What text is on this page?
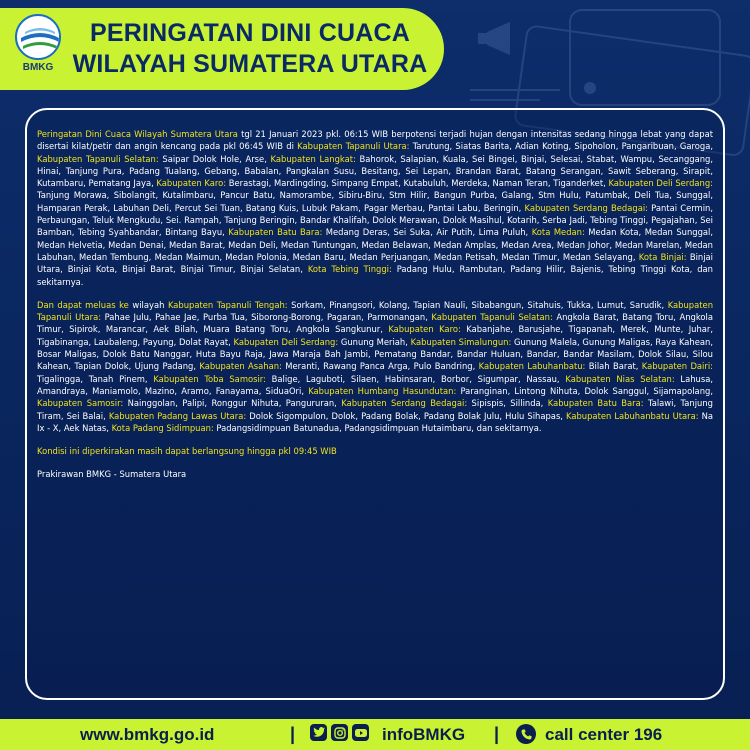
BMKG
PERINGATAN DINI CUACA
WILAYAH SUMATERA UTARA

Peringatan Dini Cuaca Wilayah Sumatera Utara tgl 21 Januari 2023 pkl. 06:15 WIB berpotensi terjadi hujan dengan intensitas sedang hingga lebat yang dapat disertai kilat/petir dan angin kencang pada pkl 06:45 WIB di Kabupaten Tapanuli Utara: Tarutung, Siatas Barita, Adian Koting, Sipoholon, Pangaribuan, Garoga, Kabupaten Tapanuli Selatan: Saipar Dolok Hole, Arse, Kabupaten Langkat: Bahorok, Salapian, Kuala, Sei Bingei, Binjai, Selesai, Stabat, Wampu, Secanggang, Hinai, Tanjung Pura, Padang Tualang, Gebang, Babalan, Pangkalan Susu, Besitang, Sei Lepan, Brandan Barat, Batang Serangan, Sawit Seberang, Sirapit, Kutambaru, Pematang Jaya, Kabupaten Karo: Berastagi, Mardingding, Simpang Empat, Kutabuluh, Merdeka, Naman Teran, Tiganderket, Kabupaten Deli Serdang: Tanjung Morawa, Sibolangit, Kutalimbaru, Pancur Batu, Namorambe, Sibiru-Biru, Stm Hilir, Bangun Purba, Galang, Stm Hulu, Patumbak, Deli Tua, Sunggal, Hamparan Perak, Labuhan Deli, Percut Sei Tuan, Batang Kuis, Lubuk Pakam, Pagar Merbau, Pantai Labu, Beringin, Kabupaten Serdang Bedagai: Pantai Cermin, Perbaungan, Teluk Mengkudu, Sei. Rampah, Tanjung Beringin, Bandar Khalifah, Dolok Merawan, Dolok Masihul, Kotarih, Serba Jadi, Tebing Tinggi, Pegajahan, Sei Bamban, Tebing Syahbandar, Bintang Bayu, Kabupaten Batu Bara: Medang Deras, Sei Suka, Air Putih, Lima Puluh, Kota Medan: Medan Kota, Medan Sunggal, Medan Helvetia, Medan Denai, Medan Barat, Medan Deli, Medan Tuntungan, Medan Belawan, Medan Amplas, Medan Area, Medan Johor, Medan Marelan, Medan Labuhan, Medan Tembung, Medan Maimun, Medan Polonia, Medan Baru, Medan Perjuangan, Medan Petisah, Medan Timur, Medan Selayang, Kota Binjai: Binjai Utara, Binjai Kota, Binjai Barat, Binjai Timur, Binjai Selatan, Kota Tebing Tinggi: Padang Hulu, Rambutan, Padang Hilir, Bajenis, Tebing Tinggi Kota, dan sekitarnya.

Dan dapat meluas ke wilayah Kabupaten Tapanuli Tengah: Sorkam, Pinangsori, Kolang, Tapian Nauli, Sibabangun, Sitahuis, Tukka, Lumut, Sarudik, Kabupaten Tapanuli Utara: Pahae Julu, Pahae Jae, Purba Tua, Siborong-Borong, Pagaran, Parmonangan, Kabupaten Tapanuli Selatan: Angkola Barat, Batang Toru, Angkola Timur, Sipirok, Marancar, Aek Bilah, Muara Batang Toru, Angkola Sangkunur, Kabupaten Karo: Kabanjahe, Barusjahe, Tigapanah, Merek, Munte, Juhar, Tigabinanga, Laubaleng, Payung, Dolat Rayat, Kabupaten Deli Serdang: Gunung Meriah, Kabupaten Simalungun: Gunung Malela, Gunung Maligas, Raya Kahean, Bosar Maligas, Dolok Batu Nanggar, Huta Bayu Raja, Jawa Maraja Bah Jambi, Pematang Bandar, Bandar Huluan, Bandar, Bandar Masilam, Dolok Silau, Silou Kahean, Tapian Dolok, Ujung Padang, Kabupaten Asahan: Meranti, Rawang Panca Arga, Pulo Bandring, Kabupaten Labuhanbatu: Bilah Barat, Kabupaten Dairi: Tigalingga, Tanah Pinem, Kabupaten Toba Samosir: Balige, Laguboti, Silaen, Habinsaran, Borbor, Sigumpar, Nassau, Kabupaten Nias Selatan: Lahusa, Amandraya, Maniamolo, Mazino, Aramo, Fanayama, SiduaOri, Kabupaten Humbang Hasundutan: Paranginan, Lintong Nihuta, Dolok Sanggul, Sijamapolang, Kabupaten Samosir: Nainggolan, Palipi, Ronggur Nihuta, Pangururan, Kabupaten Serdang Bedagai: Sipispis, Sillinda, Kabupaten Batu Bara: Talawi, Tanjung Tiram, Sei Balai, Kabupaten Padang Lawas Utara: Dolok Sigompulon, Dolok, Padang Bolak, Padang Bolak Julu, Hulu Sihapas, Kabupaten Labuhanbatu Utara: Na Ix - X, Aek Natas, Kota Padang Sidimpuan: Padangsidimpuan Batunadua, Padangsidimpuan Hutaimbaru, dan sekitarnya.

Kondisi ini diperkirakan masih dapat berlangsung hingga pkl 09:45 WIB

Prakirawan BMKG - Sumatera Utara

www.bmkg.go.id	|	infoBMKG |	call center 196
